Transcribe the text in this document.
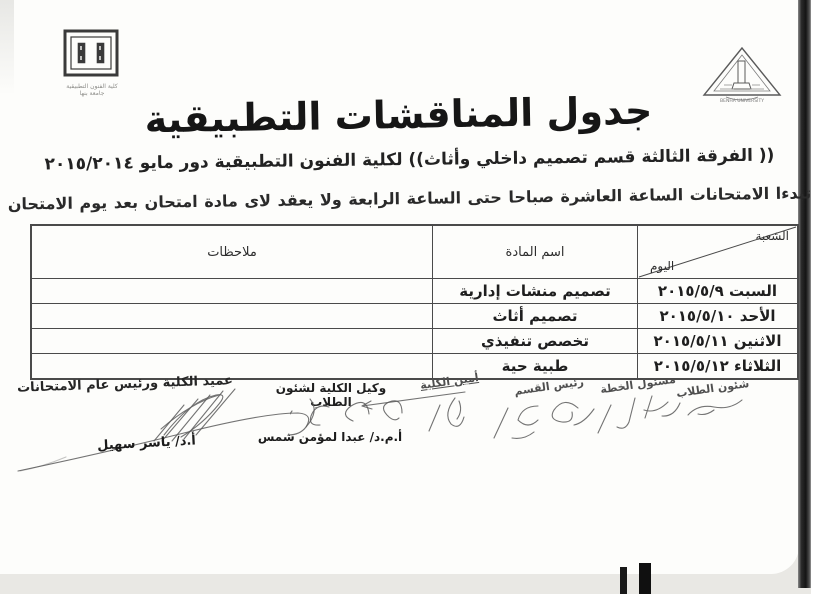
كلية الفنون التطبيقية
جامعة بنها
BENHA UNIVERSITY
جدول المناقشات التطبيقية
(( الفرقة الثالثة قسم تصميم داخلي وأثاث)) لكلية الفنون التطبيقية دور مايو ٢٠١٥/٢٠١٤
تبدءا الامتحانات الساعة العاشرة صباحا حتى الساعة الرابعة ولا يعقد لاى مادة امتحان بعد يوم الامتحان
الشعبة
اليوم
اسم المادة
ملاحظات
السبت ٢٠١٥/٥/٩
تصميم منشات إدارية
الأحد ٢٠١٥/٥/١٠
تصميم أثاث
الاثنين ٢٠١٥/٥/١١
تخصص تنفيذي
الثلاثاء ٢٠١٥/٥/١٢
طبية حية
شئون الطلاب
مسئول الخطة
رئيس القسم
أمين الكلية
وكيل الكلية لشئون الطلاب
أ.م.د/ عبدا لمؤمن شمس
عميد الكلية ورئيس عام الامتحانات
أ.د/ ياسر سهيل
